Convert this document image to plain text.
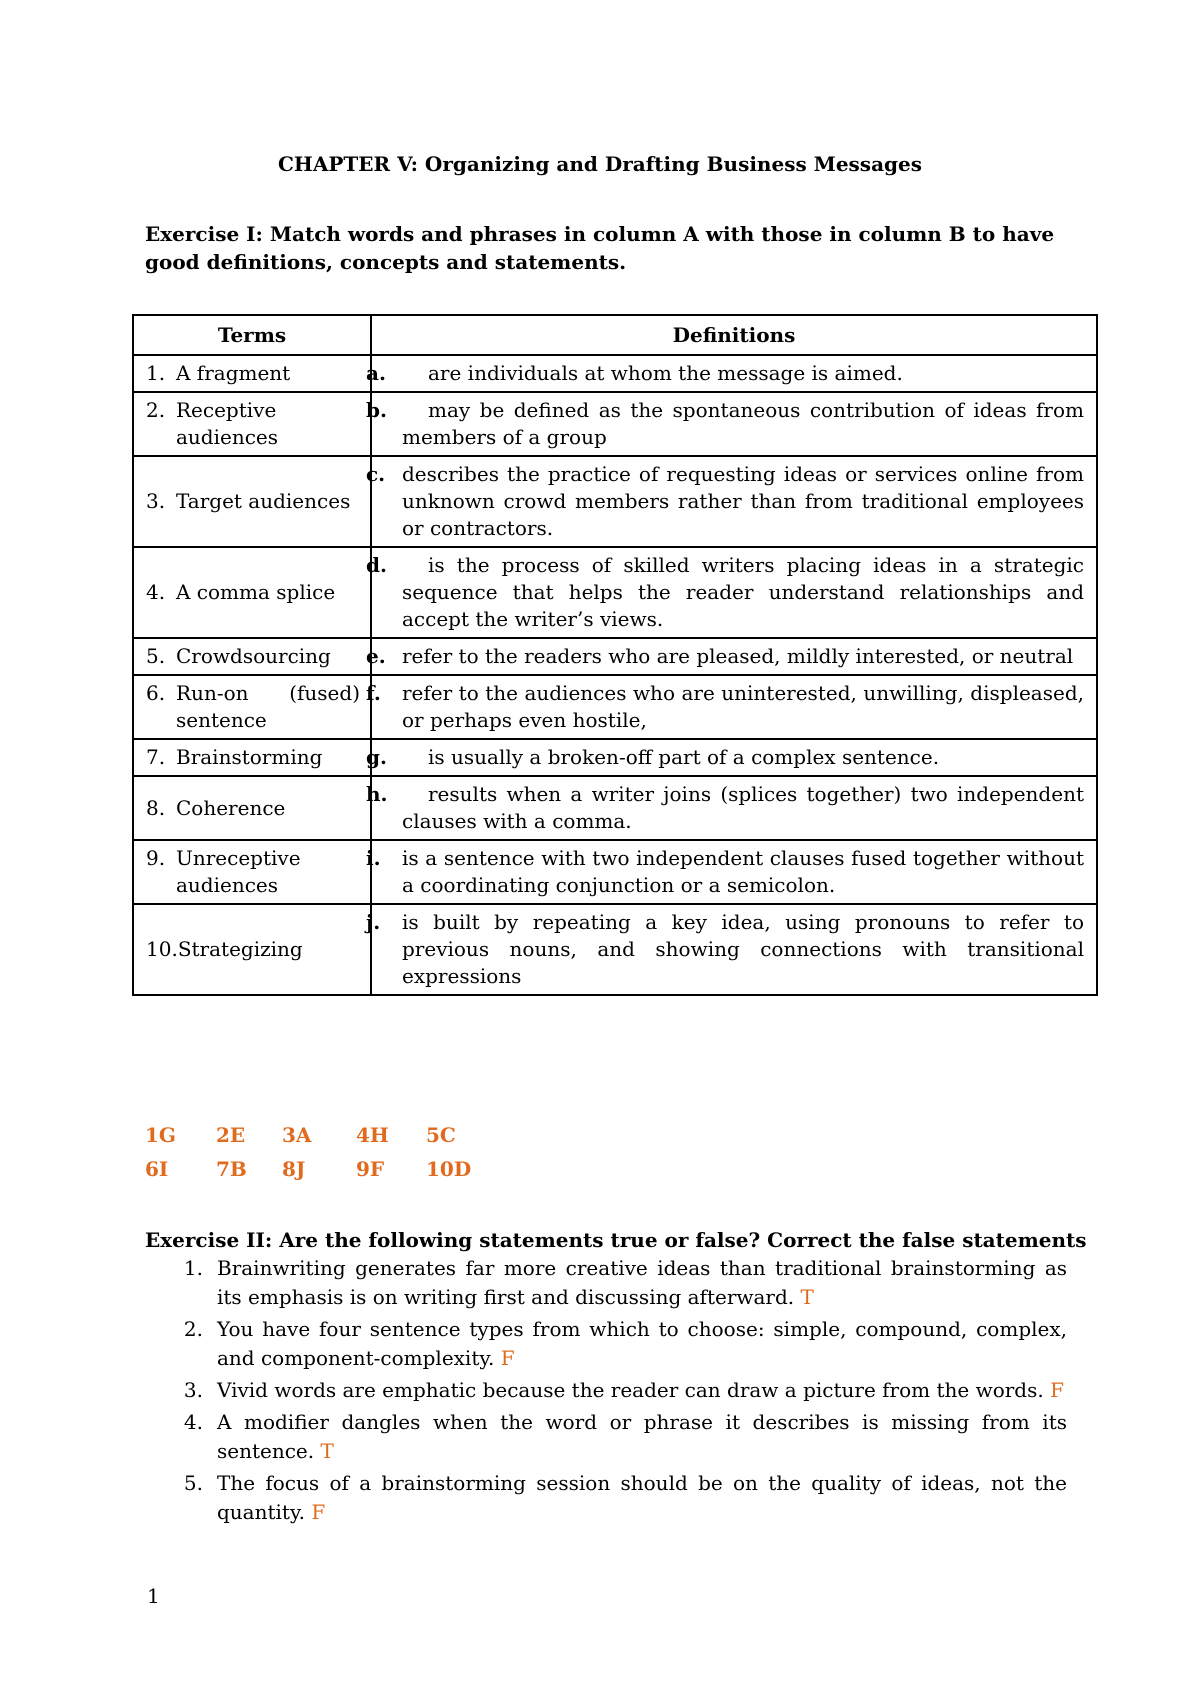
CHAPTER V: Organizing and Drafting Business Messages
Exercise I: Match words and phrases in column A with those in column B to have good definitions, concepts and statements.
Terms	Definitions

1. A fragment	a. are individuals at whom the message is aimed.

2. Receptive audiences	b. may be defined as the spontaneous contribution of ideas from members of a group

3. Target audiences	c. describes the practice of requesting ideas or services online from unknown crowd members rather than from traditional employees or contractors.

4. A comma splice	d. is the process of skilled writers placing ideas in a strategic sequence that helps the reader understand relationships and accept the writer’s views.

5. Crowdsourcing	e. refer to the readers who are pleased, mildly interested, or neutral

6. Run-on (fused) sentence	f. refer to the audiences who are uninterested, unwilling, displeased, or perhaps even hostile,

7. Brainstorming	g. is usually a broken-off part of a complex sentence.

8. Coherence	h. results when a writer joins (splices together) two independent clauses with a comma.

9. Unreceptive audiences	i. is a sentence with two independent clauses fused together without a coordinating conjunction or a semicolon.

10. Strategizing	j. is built by repeating a key idea, using pronouns to refer to previous nouns, and showing connections with transitional expressions
1G	2E	3A	4H	5C
6I	7B	8J	9F	10D
Exercise II: Are the following statements true or false? Correct the false statements
1. Brainwriting generates far more creative ideas than traditional brainstorming as its emphasis is on writing first and discussing afterward. T
2. You have four sentence types from which to choose: simple, compound, complex, and component-complexity. F
3. Vivid words are emphatic because the reader can draw a picture from the words. F
4. A modifier dangles when the word or phrase it describes is missing from its sentence. T
5. The focus of a brainstorming session should be on the quality of ideas, not the quantity. F
1
